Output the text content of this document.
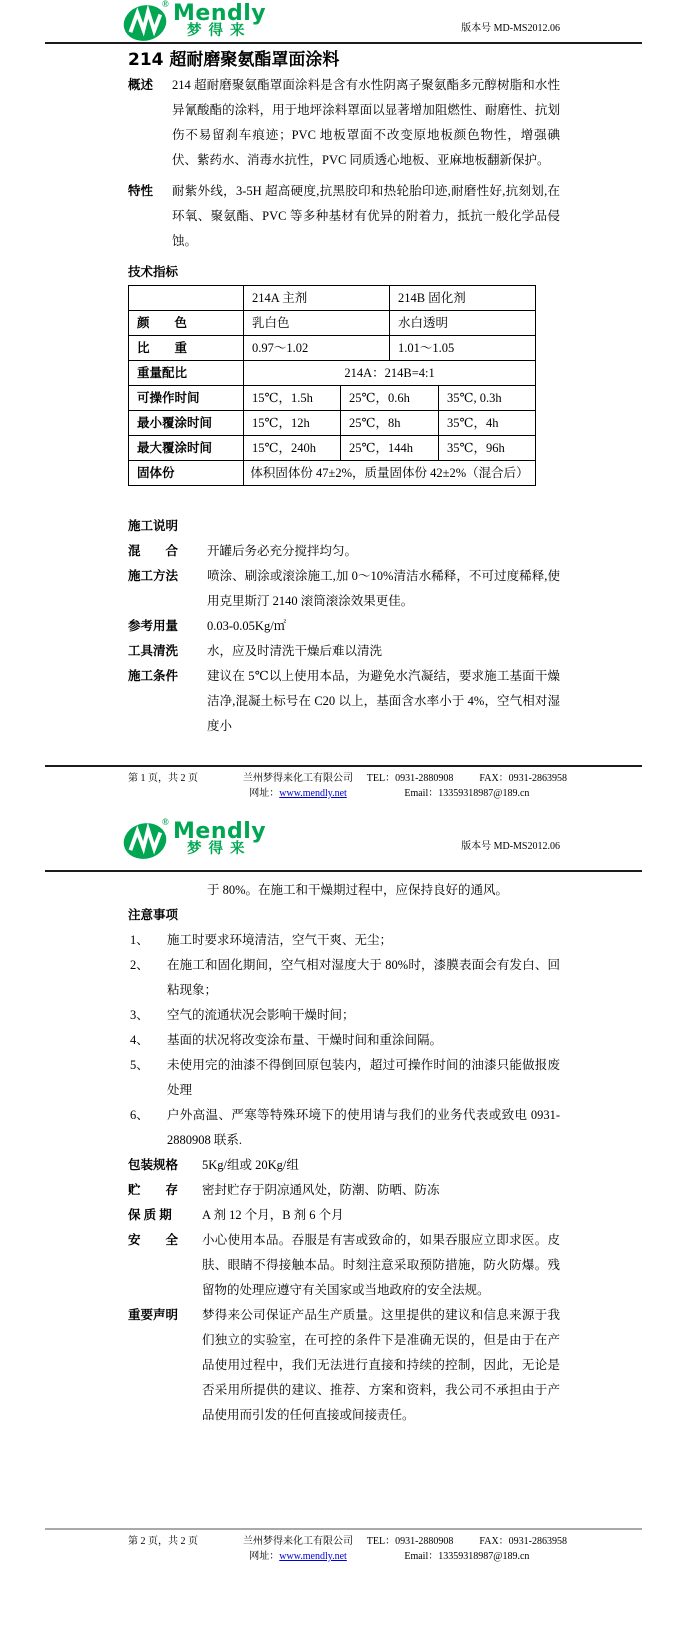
® Mendly
梦得来	版本号 MD-MS2012.06
214 超耐磨聚氨酯罩面涂料
概述	214 超耐磨聚氨酯罩面涂料是含有水性阴离子聚氨酯多元醇树脂和水性异氰酸酯的涂料，用于地坪涂料罩面以显著增加阻燃性、耐磨性、抗划伤不易留刹车痕迹；PVC 地板罩面不改变原地板颜色物性，增强碘伏、紫药水、消毒水抗性，PVC 同质透心地板、亚麻地板翻新保护。
特性	耐紫外线，3-5H 超高硬度,抗黑胶印和热轮胎印迹,耐磨性好,抗刻划,在环氧、聚氨酯、PVC 等多种基材有优异的附着力，抵抗一般化学品侵蚀。
技术指标
	214A 主剂		214B 固化剂	
颜　　色	乳白色		水白透明	
比　　重	0.97～1.02		1.01～1.05	
重量配比	214A：214B=4:1			
可操作时间	15℃，1.5h	25℃，0.6h		35℃, 0.3h
最小覆涂时间	15℃，12h	25℃，8h		35℃，4h
最大覆涂时间	15℃，240h	25℃，144h		35℃，96h
固体份	体积固体份 47±2%，质量固体份 42±2%（混合后）			
施工说明
混　　合	开罐后务必充分搅拌均匀。
施工方法	喷涂、刷涂或滚涂施工,加 0～10%清洁水稀释，不可过度稀释,使用克里斯汀 2140 滚筒滚涂效果更佳。
参考用量	0.03-0.05Kg/㎡
工具清洗	水，应及时清洗干燥后难以清洗
施工条件	建议在 5℃以上使用本品，为避免水汽凝结，要求施工基面干燥洁净,混凝土标号在 C20 以上，基面含水率小于 4%，空气相对湿度小
第 1 页，共 2 页	兰州梦得来化工有限公司
网址：www.mendly.net
TEL：0931-2880908	FAX：0931-2863958
Email：13359318987@189.cn
® Mendly
梦得来	版本号 MD-MS2012.06
于 80%。在施工和干燥期过程中，应保持良好的通风。
注意事项
1、	施工时要求环境清洁，空气干爽、无尘；
2、	在施工和固化期间，空气相对湿度大于 80%时，漆膜表面会有发白、回粘现象；
3、	空气的流通状况会影响干燥时间；
4、	基面的状况将改变涂布量、干燥时间和重涂间隔。
5、	未使用完的油漆不得倒回原包装内，超过可操作时间的油漆只能做报废处理
6、	户外高温、严寒等特殊环境下的使用请与我们的业务代表或致电 0931-2880908 联系.
包装规格	5Kg/组或 20Kg/组
贮　　存	密封贮存于阴凉通风处，防潮、防晒、防冻
保 质 期	A 剂 12 个月，B 剂 6 个月
安　　全	小心使用本品。吞服是有害或致命的，如果吞服应立即求医。皮肤、眼睛不得接触本品。时刻注意采取预防措施，防火防爆。残留物的处理应遵守有关国家或当地政府的安全法规。
重要声明	梦得来公司保证产品生产质量。这里提供的建议和信息来源于我们独立的实验室，在可控的条件下是准确无误的，但是由于在产品使用过程中，我们无法进行直接和持续的控制，因此，无论是否采用所提供的建议、推荐、方案和资料，我公司不承担由于产品使用而引发的任何直接或间接责任。
第 2 页，共 2 页	兰州梦得来化工有限公司
网址：www.mendly.net
TEL：0931-2880908	FAX：0931-2863958
Email：13359318987@189.cn
